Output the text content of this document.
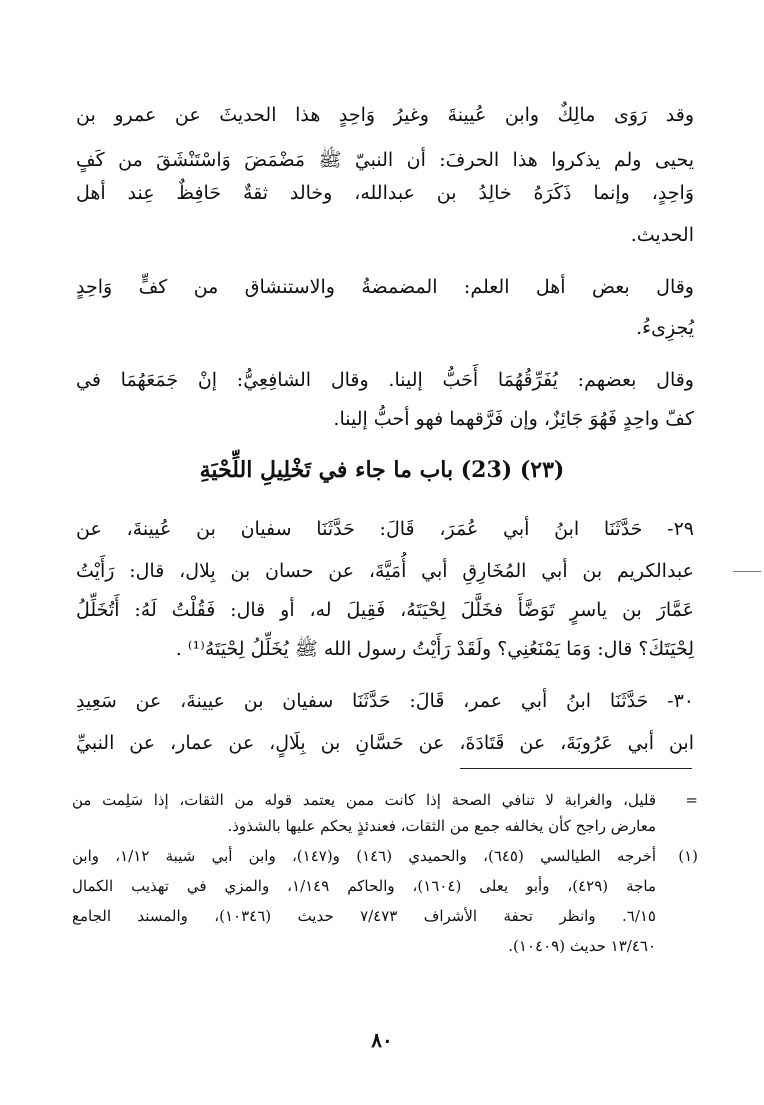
وقد رَوَى مالِكٌ وابن عُيينةَ وغيرُ وَاحِدٍ هذا الحديثَ عن عمرو بن
يحيى ولم يذكروا هذا الحرفَ: أن النبيّ ﷺ مَضْمَضَ وَاسْتَنْشَقَ من كَفٍ
وَاحِدٍ، وإنما ذَكَرَهُ خالِدُ بن عبدالله، وخالد ثقةٌ حَافِظٌ عِند أهل
الحديث.
وقال بعض أهل العلم: المضمضةُ والاستنشاق من كفٍّ وَاحِدٍ
يُجزِىءُ.
وقال بعضهم: يُفَرِّقُهُمَا أَحَبُّ إلينا. وقال الشافِعِيُّ: إنْ جَمَعَهُمَا في
كفّ واحِدٍ فَهُوَ جَائِزٌ، وإن فَرَّقهما فهو أحبُّ إلينا.
(٢٣) (23) باب ما جاء في تَخْلِيلِ اللِّحْيَةِ
٢٩- حَدَّثَنَا ابنُ أبي عُمَرَ، قَالَ: حَدَّثَنَا سفيان بن عُيينةَ، عن
عبدالكريم بن أبي المُخَارِقِ أبي أُمَيَّةَ، عن حسان بن بِلال، قال: رَأَيْتُ
عَمَّارَ بن ياسرٍ تَوَضَّأَ فخَلَّلَ لِحْيَتَهُ، فَقِيلَ له، أو قال: فَقُلْتُ لَهُ: أَتُخَلِّلُ
لِحْيَتَكَ؟ قال: وَمَا يَمْنَعُنِي؟ ولَقَدْ رَأَيْتُ رسول الله ﷺ يُخَلِّلُ لِحْيَتَهُ⁽¹⁾ .
٣٠- حَدَّثَنَا ابنُ أبي عمر، قَالَ: حَدَّثَنَا سفيان بن عيينةَ، عن سَعِيدِ
ابن أبي عَرُوبَةَ، عن قَتَادَةَ، عن حَسَّانِ بن بِلَالٍ، عن عمار، عن النبيِّ
=
قليل، والغرابة لا تنافي الصحة إذا كانت ممن يعتمد قوله من الثقات، إذا سَلِمت من
معارض راجح كأن يخالفه جمع من الثقات، فعندئذٍ يحكم عليها بالشذوذ.
(١)
أخرجه الطيالسي (٦٤٥)، والحميدي (١٤٦) و(١٤٧)، وابن أبي شيبة ١/١٢، وابن
ماجة (٤٢٩)، وأبو يعلى (١٦٠٤)، والحاكم ١/١٤٩، والمزي في تهذيب الكمال
٦/١٥. وانظر تحفة الأشراف ٧/٤٧٣ حديث (١٠٣٤٦)، والمسند الجامع
١٣/٤٦٠ حديث (١٠٤٠٩).
٨٠
